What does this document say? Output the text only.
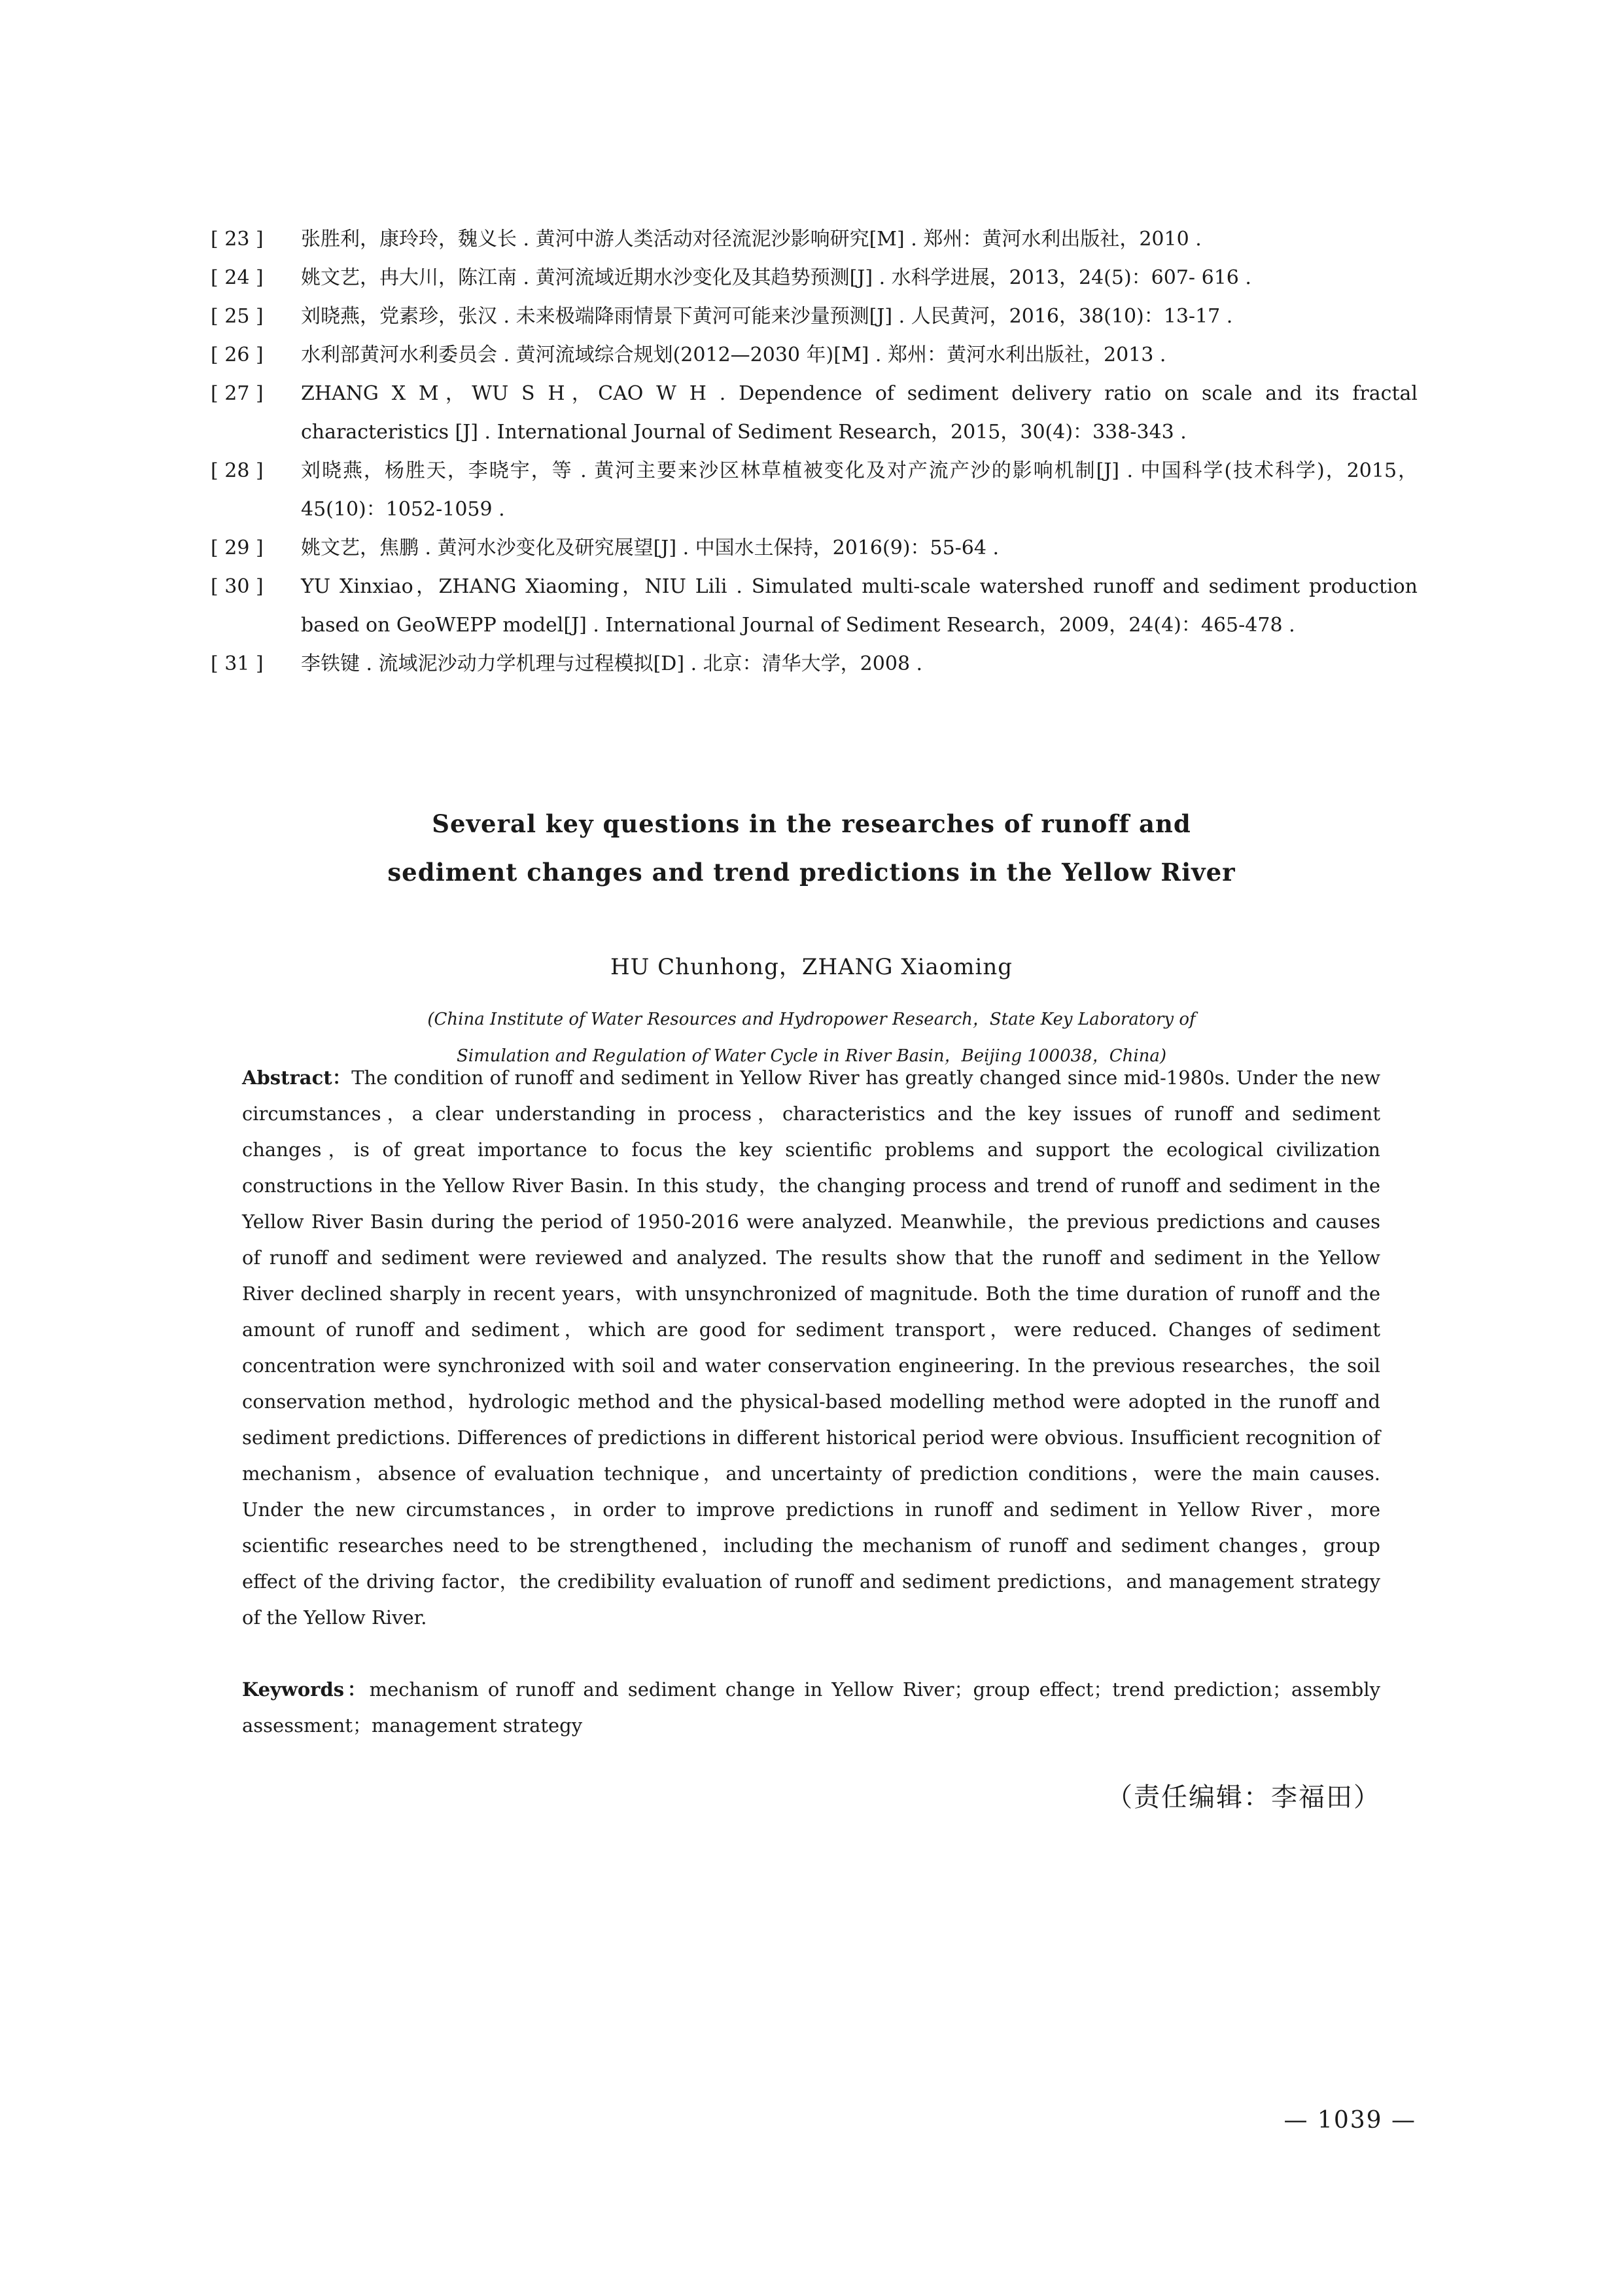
[ 23 ]	张胜利，康玲玲，魏义长 . 黄河中游人类活动对径流泥沙影响研究[M] . 郑州：黄河水利出版社，2010 .
[ 24 ]	姚文艺，冉大川，陈江南 . 黄河流域近期水沙变化及其趋势预测[J] . 水科学进展，2013，24(5)：607- 616 .
[ 25 ]	刘晓燕，党素珍，张汉 . 未来极端降雨情景下黄河可能来沙量预测[J] . 人民黄河，2016，38(10)：13-17 .
[ 26 ]	水利部黄河水利委员会 . 黄河流域综合规划(2012—2030 年)[M] . 郑州：黄河水利出版社，2013 .
[ 27 ]	ZHANG X M，WU S H，CAO W H . Dependence of sediment delivery ratio on scale and its fractal characteristics [J] . International Journal of Sediment Research，2015，30(4)：338-343 .
[ 28 ]	刘晓燕，杨胜天，李晓宇，等 . 黄河主要来沙区林草植被变化及对产流产沙的影响机制[J] . 中国科学(技术科学)，2015，45(10)：1052-1059 .
[ 29 ]	姚文艺，焦鹏 . 黄河水沙变化及研究展望[J] . 中国水土保持，2016(9)：55-64 .
[ 30 ]	YU Xinxiao，ZHANG Xiaoming，NIU Lili . Simulated multi-scale watershed runoff and sediment production based on GeoWEPP model[J] . International Journal of Sediment Research，2009，24(4)：465-478 .
[ 31 ]	李铁键 . 流域泥沙动力学机理与过程模拟[D] . 北京：清华大学，2008 .
Several key questions in the researches of runoff and
sediment changes and trend predictions in the Yellow River
HU Chunhong，ZHANG Xiaoming
(China Institute of Water Resources and Hydropower Research，State Key Laboratory of
Simulation and Regulation of Water Cycle in River Basin，Beijing 100038，China)
Abstract：The condition of runoff and sediment in Yellow River has greatly changed since mid-1980s. Under the new circumstances，a clear understanding in process，characteristics and the key issues of runoff and sediment changes，is of great importance to focus the key scientific problems and support the ecological civilization constructions in the Yellow River Basin. In this study，the changing process and trend of runoff and sediment in the Yellow River Basin during the period of 1950-2016 were analyzed. Meanwhile，the previous predictions and causes of runoff and sediment were reviewed and analyzed. The results show that the runoff and sediment in the Yellow River declined sharply in recent years，with unsynchronized of magnitude. Both the time duration of runoff and the amount of runoff and sediment，which are good for sediment transport，were reduced. Changes of sediment concentration were synchronized with soil and water conservation engineering. In the previous researches，the soil conservation method，hydrologic method and the physical-based modelling method were adopted in the runoff and sediment predictions. Differences of predictions in different historical period were obvious. Insufficient recognition of mechanism，absence of evaluation technique，and uncertainty of prediction conditions，were the main causes. Under the new circumstances，in order to improve predictions in runoff and sediment in Yellow River，more scientific researches need to be strengthened，including the mechanism of runoff and sediment changes，group effect of the driving factor，the credibility evaluation of runoff and sediment predictions，and management strategy of the Yellow River.
Keywords：mechanism of runoff and sediment change in Yellow River；group effect；trend prediction；assembly assessment；management strategy
（责任编辑：李福田）
— 1039 —
